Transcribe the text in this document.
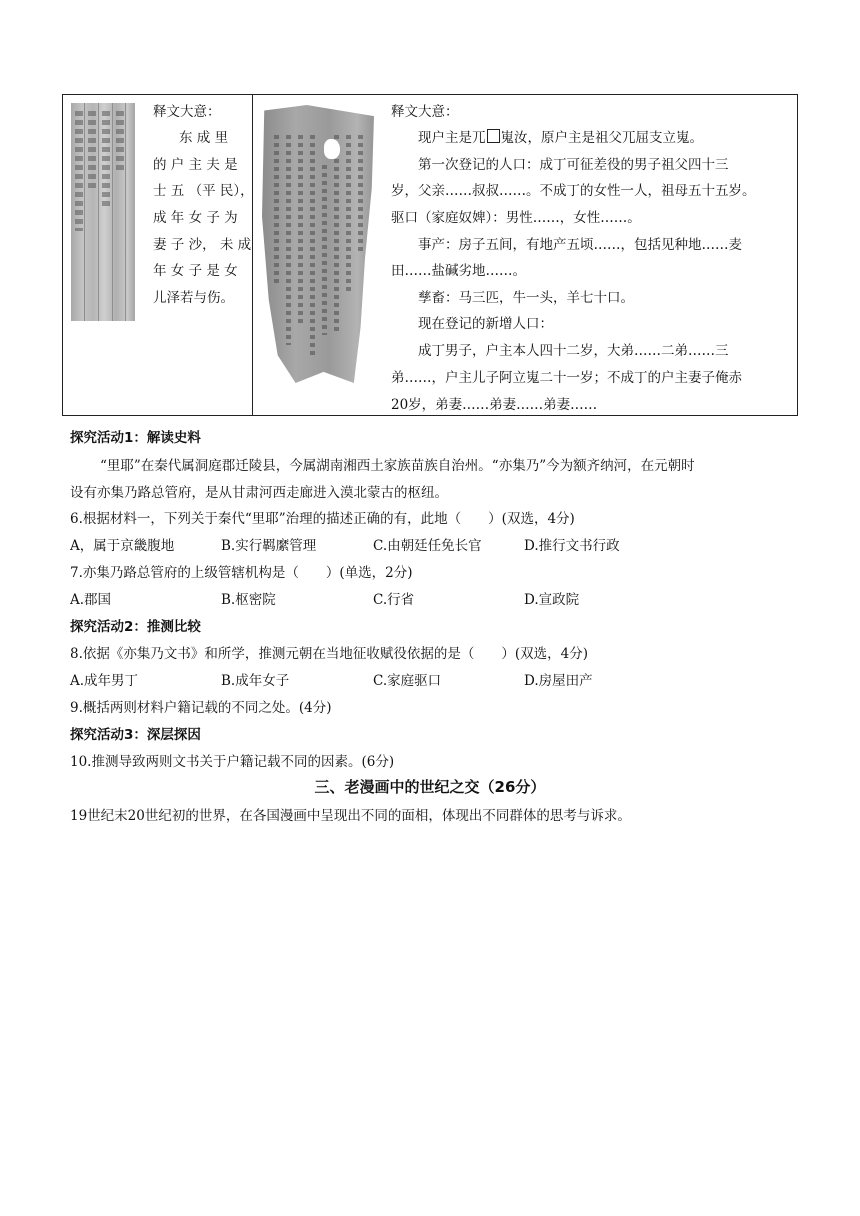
释文大意：
东 成 里
的 户 主 夫 是
士 五 （平 民），
成 年 女 子 为
妻 子 沙， 未 成
年 女 子 是 女
儿泽若与伤。
释文大意：
现户主是兀 嵬汝，原户主是祖父兀屈支立嵬。
第一次登记的人口：成丁可征差役的男子祖父四十三
岁，父亲……叔叔……。不成丁的女性一人，祖母五十五岁。
驱口（家庭奴婢）：男性……，女性……。
事产：房子五间，有地产五顷……，包括见种地……麦
田……盐碱劣地……。
孳畜：马三匹，牛一头，羊七十口。
现在登记的新增人口：
成丁男子，户主本人四十二岁，大弟……二弟……三
弟……，户主儿子阿立嵬二十一岁；不成丁的户主妻子俺赤
20岁，弟妻……弟妻……弟妻……
探究活动1：解读史料
“里耶”在秦代属洞庭郡迁陵县，今属湖南湘西土家族苗族自治州。“亦集乃”今为额齐纳河，在元朝时
设有亦集乃路总管府，是从甘肃河西走廊进入漠北蒙古的枢纽。
6.根据材料一，下列关于秦代“里耶”治理的描述正确的有，此地（　　）(双选，4分)
A，属于京畿腹地	B.实行羁縻管理	C.由朝廷任免长官	D.推行文书行政
7.亦集乃路总管府的上级管辖机构是（　　）(单选，2分)
A.郡国	B.枢密院	C.行省	D.宣政院
探究活动2：推测比较
8.依据《亦集乃文书》和所学，推测元朝在当地征收赋役依据的是（　　）(双选，4分)
A.成年男丁	B.成年女子	C.家庭驱口	D.房屋田产
9.概括两则材料户籍记载的不同之处。(4分)
探究活动3：深层探因
10.推测导致两则文书关于户籍记载不同的因素。(6分)
三、老漫画中的世纪之交（26分）
19世纪末20世纪初的世界，在各国漫画中呈现出不同的面相，体现出不同群体的思考与诉求。
